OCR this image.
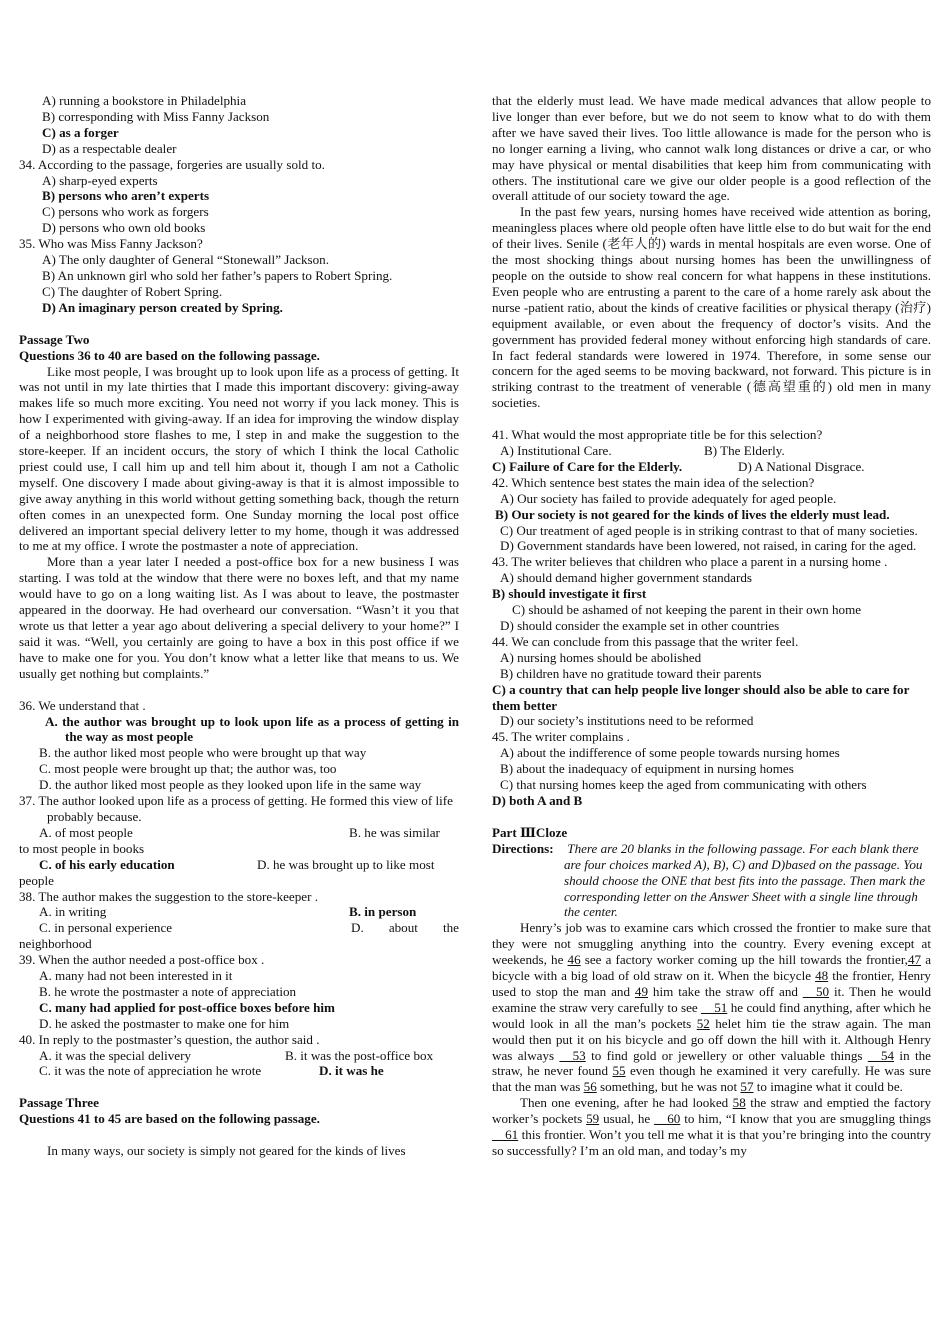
A) running a bookstore in Philadelphia
B) corresponding with Miss Fanny Jackson
C) as a forger
D) as a respectable dealer
34. According to the passage, forgeries are usually sold to.
A) sharp-eyed experts
B) persons who aren’t experts
C) persons who work as forgers
D) persons who own old books
35. Who was Miss Fanny Jackson?
A) The only daughter of General “Stonewall” Jackson.
B) An unknown girl who sold her father’s papers to Robert Spring.
C) The daughter of Robert Spring.
D) An imaginary person created by Spring.
Passage Two
Questions 36 to 40 are based on the following passage.

Like most people, I was brought up to look upon life as a process of getting. It was not until in my late thirties that I made this important discovery: giving-away makes life so much more exciting. You need not worry if you lack money. This is how I experimented with giving-away. If an idea for improving the window display of a neighborhood store flashes to me, I step in and make the suggestion to the store-keeper. If an incident occurs, the story of which I think the local Catholic priest could use, I call him up and tell him about it, though I am not a Catholic myself. One discovery I made about giving-away is that it is almost impossible to give away anything in this world without getting something back, though the return often comes in an unexpected form. One Sunday morning the local post office delivered an important special delivery letter to my home, though it was addressed to me at my office. I wrote the postmaster a note of appreciation.

More than a year later I needed a post-office box for a new business I was starting. I was told at the window that there were no boxes left, and that my name would have to go on a long waiting list. As I was about to leave, the postmaster appeared in the doorway. He had overheard our conversation. “Wasn’t it you that wrote us that letter a year ago about delivering a special delivery to your home?” I said it was. “Well, you certainly are going to have a box in this post office if we have to make one for you. You don’t know what a letter like that means to us. We usually get nothing but complaints.”

36. We understand that .
A. the author was brought up to look upon life as a process of getting in the way as most people
B. the author liked most people who were brought up that way
C. most people were brought up that; the author was, too
D. the author liked most people as they looked upon life in the same way
37. The author looked upon life as a process of getting. He formed this view of life probably because.
A. of most people	B. he was similar
to most people in books
C. of his early education	D. he was brought up to like most
people
38. The author makes the suggestion to the store-keeper .
A. in writing	B. in person
C. in personal experience	D. about the
neighborhood
39. When the author needed a post-office box .
A. many had not been interested in it
B. he wrote the postmaster a note of appreciation
C. many had applied for post-office boxes before him
D. he asked the postmaster to make one for him
40. In reply to the postmaster’s question, the author said .
A. it was the special delivery	B. it was the post-office box
C. it was the note of appreciation he wrote	D. it was he
Passage Three
Questions 41 to 45 are based on the following passage.
In many ways, our society is simply not geared for the kinds of lives

that the elderly must lead. We have made medical advances that allow people to live longer than ever before, but we do not seem to know what to do with them after we have saved their lives. Too little allowance is made for the person who is no longer earning a living, who cannot walk long distances or drive a car, or who may have physical or mental disabilities that keep him from communicating with others. The institutional care we give our older people is a good reflection of the overall attitude of our society toward the age.

In the past few years, nursing homes have received wide attention as boring, meaningless places where old people often have little else to do but wait for the end of their lives. Senile (老年人的) wards in mental hospitals are even worse. One of the most shocking things about nursing homes has been the unwillingness of people on the outside to show real concern for what happens in these institutions. Even people who are entrusting a parent to the care of a home rarely ask about the nurse -patient ratio, about the kinds of creative facilities or physical therapy (治疗) equipment available, or even about the frequency of doctor’s visits. And the government has provided federal money without enforcing high standards of care. In fact federal standards were lowered in 1974. Therefore, in some sense our concern for the aged seems to be moving backward, not forward. This picture is in striking contrast to the treatment of venerable (德高望重的) old men in many societies.

41. What would the most appropriate title be for this selection?
A) Institutional Care.	B) The Elderly.
C) Failure of Care for the Elderly.	D) A National Disgrace.
42. Which sentence best states the main idea of the selection?
A) Our society has failed to provide adequately for aged people.
B) Our society is not geared for the kinds of lives the elderly must lead.
C) Our treatment of aged people is in striking contrast to that of many societies.
D) Government standards have been lowered, not raised, in caring for the aged.
43. The writer believes that children who place a parent in a nursing home .
A) should demand higher government standards
B) should investigate it first
C) should be ashamed of not keeping the parent in their own home
D) should consider the example set in other countries
44. We can conclude from this passage that the writer feel.
A) nursing homes should be abolished
B) children have no gratitude toward their parents
C) a country that can help people live longer should also be able to care for them better
D) our society’s institutions need to be reformed
45. The writer complains .
A) about the indifference of some people towards nursing homes
B) about the inadequacy of equipment in nursing homes
C) that nursing homes keep the aged from communicating with others
D) both A and B
Part ⅢCloze
Directions: There are 20 blanks in the following passage. For each blank there are four choices marked A), B), C) and D)based on the passage. You should choose the ONE that best fits into the passage. Then mark the corresponding letter on the Answer Sheet with a single line through the center.

Henry’s job was to examine cars which crossed the frontier to make sure that they were not smuggling anything into the country. Every evening except at weekends, he 46 see a factory worker coming up the hill towards the frontier,47 a bicycle with a big load of old straw on it. When the bicycle 48 the frontier, Henry used to stop the man and 49 him take the straw off and __50 it. Then he would examine the straw very carefully to see __51 he could find anything, after which he would look in all the man’s pockets 52 helet him tie the straw again. The man would then put it on his bicycle and go off down the hill with it. Although Henry was always __53 to find gold or jewellery or other valuable things __54 in the straw, he never found 55 even though he examined it very carefully. He was sure that the man was 56 something, but he was not 57 to imagine what it could be.

Then one evening, after he had looked 58 the straw and emptied the factory worker’s pockets 59 usual, he __60 to him, “I know that you are smuggling things __61 this frontier. Won’t you tell me what it is that you’re bringing into the country so successfully? I’m an old man, and today’s my
